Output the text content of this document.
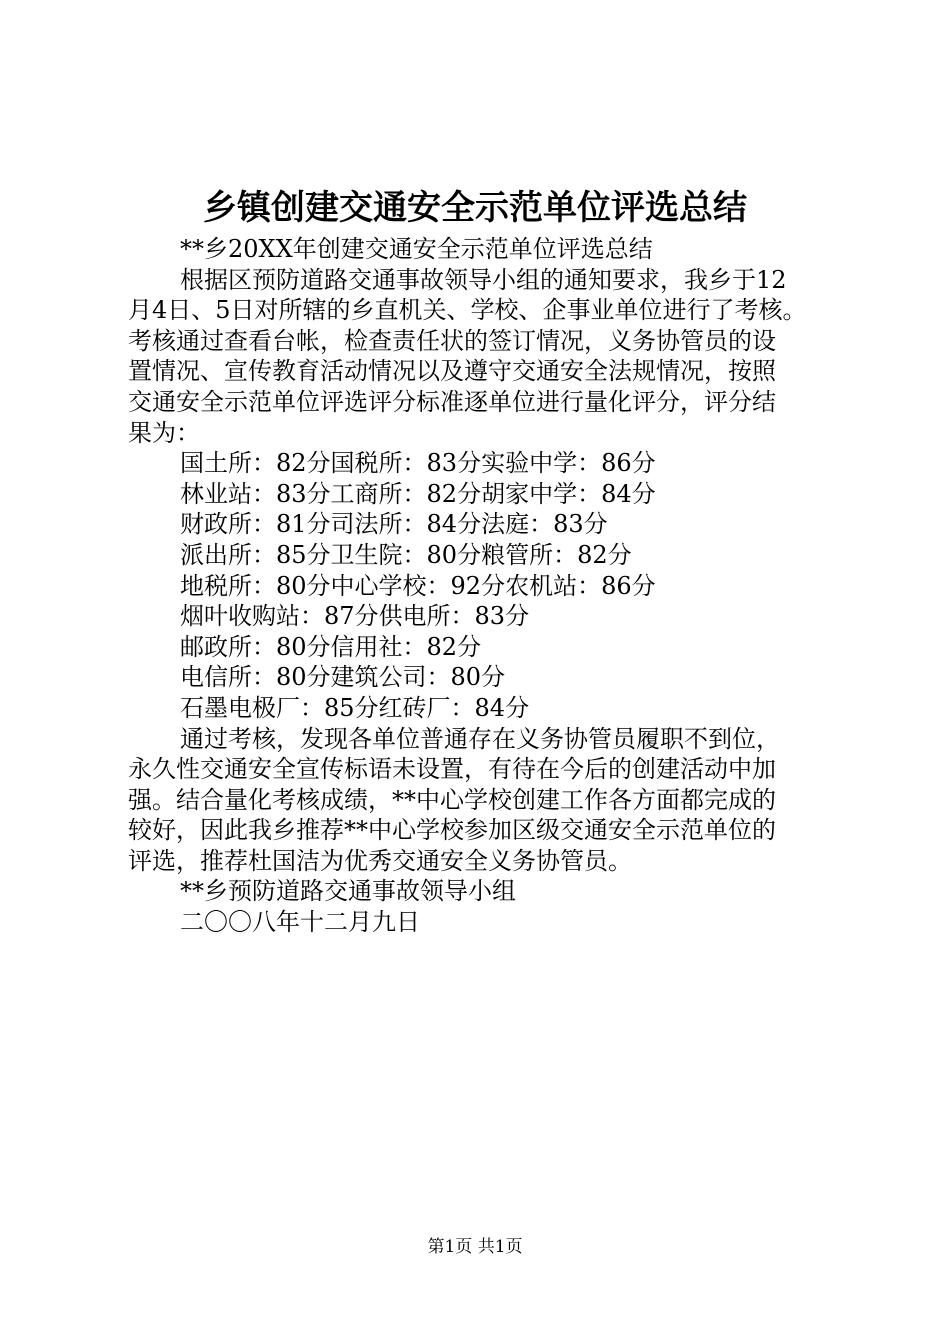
乡镇创建交通安全示范单位评选总结
**乡20XX年创建交通安全示范单位评选总结
根据区预防道路交通事故领导小组的通知要求，我乡于12
月4日、5日对所辖的乡直机关、学校、企事业单位进行了考核。
考核通过查看台帐，检查责任状的签订情况，义务协管员的设
置情况、宣传教育活动情况以及遵守交通安全法规情况，按照
交通安全示范单位评选评分标准逐单位进行量化评分，评分结
果为：
国土所：82分国税所：83分实验中学：86分
林业站：83分工商所：82分胡家中学：84分
财政所：81分司法所：84分法庭：83分
派出所：85分卫生院：80分粮管所：82分
地税所：80分中心学校：92分农机站：86分
烟叶收购站：87分供电所：83分
邮政所：80分信用社：82分
电信所：80分建筑公司：80分
石墨电极厂：85分红砖厂：84分
通过考核，发现各单位普通存在义务协管员履职不到位，
永久性交通安全宣传标语未设置，有待在今后的创建活动中加
强。结合量化考核成绩，**中心学校创建工作各方面都完成的
较好，因此我乡推荐**中心学校参加区级交通安全示范单位的
评选，推荐杜国洁为优秀交通安全义务协管员。
**乡预防道路交通事故领导小组
二〇〇八年十二月九日
第1页 共1页
